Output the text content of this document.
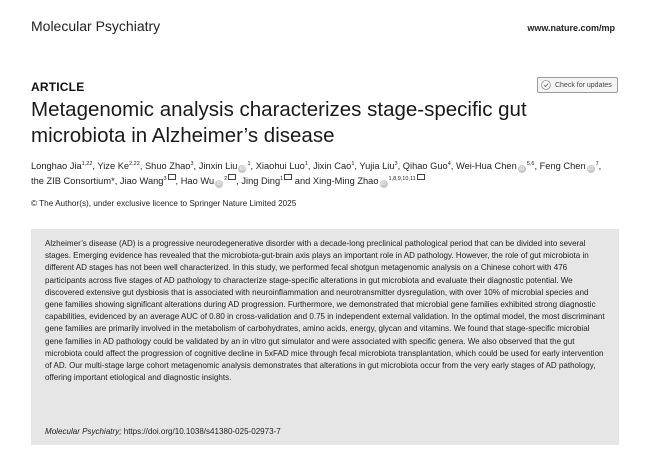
Molecular Psychiatry	www.nature.com/mp
ARTICLE	Check for updates
Metagenomic analysis characterizes stage-specific gut microbiota in Alzheimer’s disease
Longhao Jia$^{1,22}$, Yize Ke$^{2,22}$, Shuo Zhao$^3$, Jinxin Liu $iD^1$, Xiaohui Luo$^1$, Jixin Cao$^1$, Yujia Liu$^3$, Qihao Guo$^4$, Wei-Hua Chen iD$^{5,6}$, Feng Chen $iD^7$, the ZIB Consortium*, Jiao Wang$^3$ , Hao Wu $iD^2$ , Jing Ding$^1$ and Xing-Ming Zhao iD$^{1,8,9,10,11}$
© The Author(s), under exclusive licence to Springer Nature Limited 2025

Alzheimer’s disease (AD) is a progressive neurodegenerative disorder with a decade-long preclinical pathological period that can be divided into several stages. Emerging evidence has revealed that the microbiota-gut-brain axis plays an important role in AD pathology. However, the role of gut microbiota in different AD stages has not been well characterized. In this study, we performed fecal shotgun metagenomic analysis on a Chinese cohort with 476 participants across five stages of AD pathology to characterize stage-specific alterations in gut microbiota and evaluate their diagnostic potential. We discovered extensive gut dysbiosis that is associated with neuroinflammation and neurotransmitter dysregulation, with over 10% of microbial species and gene families showing significant alterations during AD progression. Furthermore, we demonstrated that microbial gene families exhibited strong diagnostic capabilities, evidenced by an average AUC of 0.80 in cross-validation and 0.75 in independent external validation. In the optimal model, the most discriminant gene families are primarily involved in the metabolism of carbohydrates, amino acids, energy, glycan and vitamins. We found that stage-specific microbial gene families in AD pathology could be validated by an in vitro gut simulator and were associated with specific genera. We also observed that the gut microbiota could affect the progression of cognitive decline in 5xFAD mice through fecal microbiota transplantation, which could be used for early intervention of AD. Our multi-stage large cohort metagenomic analysis demonstrates that alterations in gut microbiota occur from the very early stages of AD pathology, offering important etiological and diagnostic insights.

Molecular Psychiatry; https://doi.org/10.1038/s41380-025-02973-7
